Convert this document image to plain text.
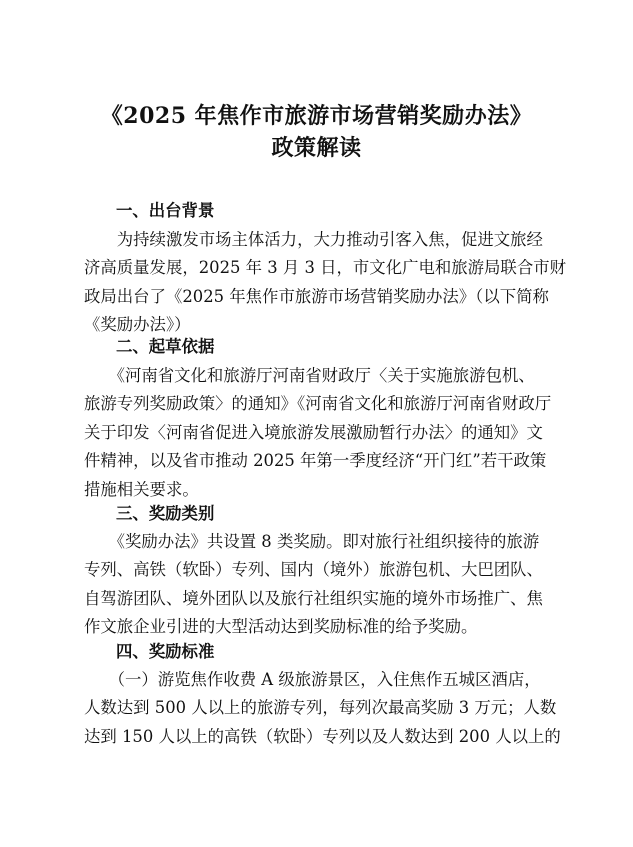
《2025 年焦作市旅游市场营销奖励办法》
政策解读
一、出台背景
　　为持续激发市场主体活力，大力推动引客入焦，促进文旅经
济高质量发展，2025 年 3 月 3 日，市文化广电和旅游局联合市财
政局出台了《2025 年焦作市旅游市场营销奖励办法》（以下简称
《奖励办法》）
二、起草依据
　　《河南省文化和旅游厅河南省财政厅〈关于实施旅游包机、
旅游专列奖励政策〉的通知》《河南省文化和旅游厅河南省财政厅
关于印发〈河南省促进入境旅游发展激励暂行办法〉的通知》文
件精神，以及省市推动 2025 年第一季度经济“开门红”若干政策
措施相关要求。
三、奖励类别
　　《奖励办法》共设置 8 类奖励。即对旅行社组织接待的旅游
专列、高铁（软卧）专列、国内（境外）旅游包机、大巴团队、
自驾游团队、境外团队以及旅行社组织实施的境外市场推广、焦
作文旅企业引进的大型活动达到奖励标准的给予奖励。
四、奖励标准
　　（一）游览焦作收费 A 级旅游景区，入住焦作五城区酒店，
人数达到 500 人以上的旅游专列，每列次最高奖励 3 万元；人数
达到 150 人以上的高铁（软卧）专列以及人数达到 200 人以上的
